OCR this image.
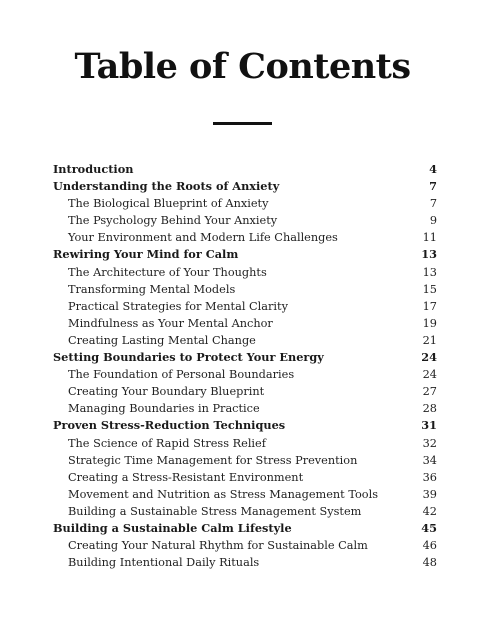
Table of Contents
Introduction	4
Understanding the Roots of Anxiety	7
The Biological Blueprint of Anxiety	7
The Psychology Behind Your Anxiety	9
Your Environment and Modern Life Challenges	11
Rewiring Your Mind for Calm	13
The Architecture of Your Thoughts	13
Transforming Mental Models	15
Practical Strategies for Mental Clarity	17
Mindfulness as Your Mental Anchor	19
Creating Lasting Mental Change	21
Setting Boundaries to Protect Your Energy	24
The Foundation of Personal Boundaries	24
Creating Your Boundary Blueprint	27
Managing Boundaries in Practice	28
Proven Stress-Reduction Techniques	31
The Science of Rapid Stress Relief	32
Strategic Time Management for Stress Prevention	34
Creating a Stress-Resistant Environment	36
Movement and Nutrition as Stress Management Tools	39
Building a Sustainable Stress Management System	42
Building a Sustainable Calm Lifestyle	45
Creating Your Natural Rhythm for Sustainable Calm	46
Building Intentional Daily Rituals	48
